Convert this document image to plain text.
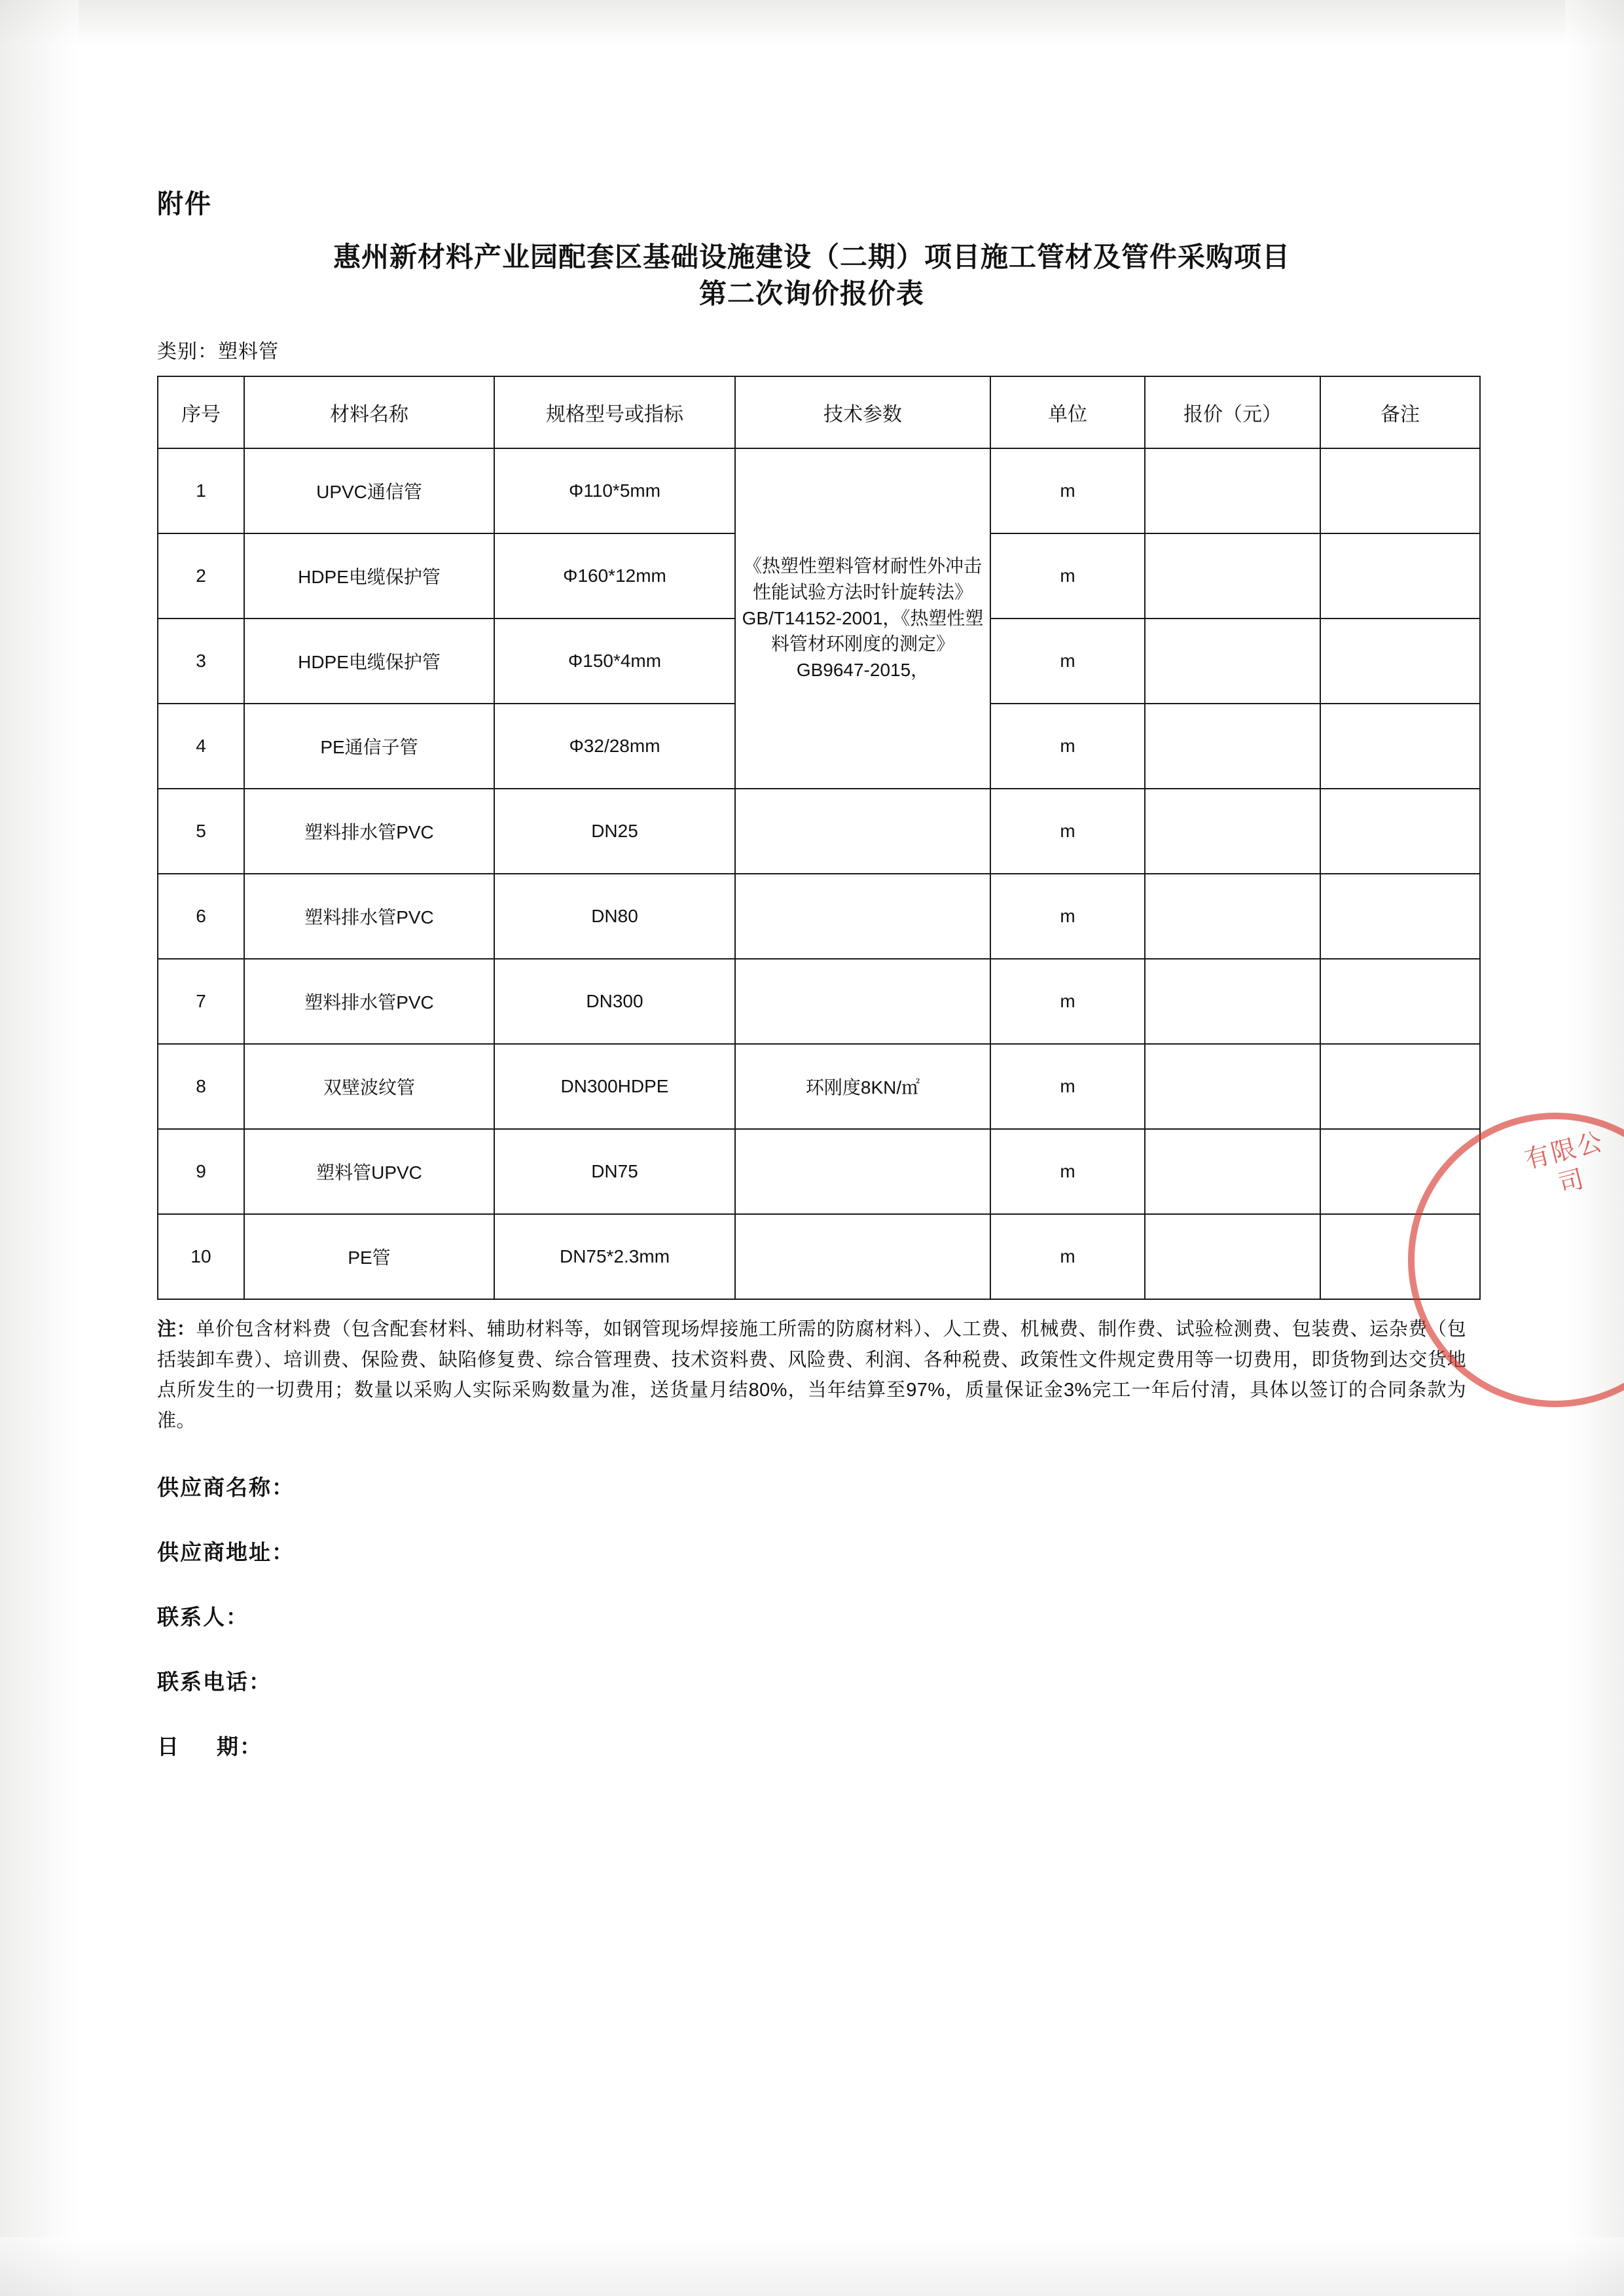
附件
惠州新材料产业园配套区基础设施建设（二期）项目施工管材及管件采购项目
第二次询价报价表
类别：塑料管
序号	材料名称	规格型号或指标	技术参数	单位	报价（元）	备注
1	UPVC通信管	Φ110*5mm	《热塑性塑料管材耐性外冲击性能试验方法时针旋转法》GB/T14152-2001，《热塑性塑料管材环刚度的测定》GB9647-2015，	m		
2	HDPE电缆保护管	Φ160*12mm		m		
3	HDPE电缆保护管	Φ150*4mm		m		
4	PE通信子管	Φ32/28mm		m		
5	塑料排水管PVC	DN25		m		
6	塑料排水管PVC	DN80		m		
7	塑料排水管PVC	DN300		m		
8	双壁波纹管	DN300HDPE	环刚度8KN/㎡	m		
9	塑料管UPVC	DN75		m		
10	PE管	DN75*2.3mm		m		
注：单价包含材料费（包含配套材料、辅助材料等，如钢管现场焊接施工所需的防腐材料）、人工费、机械费、制作费、试验检测费、包装费、运杂费（包括装卸车费）、培训费、保险费、缺陷修复费、综合管理费、技术资料费、风险费、利润、各种税费、政策性文件规定费用等一切费用，即货物到达交货地点所发生的一切费用；数量以采购人实际采购数量为准，送货量月结80%，当年结算至97%，质量保证金3%完工一年后付清，具体以签订的合同条款为准。
供应商名称：
供应商地址：
联系人：
联系电话：
日 期：
有限公司
